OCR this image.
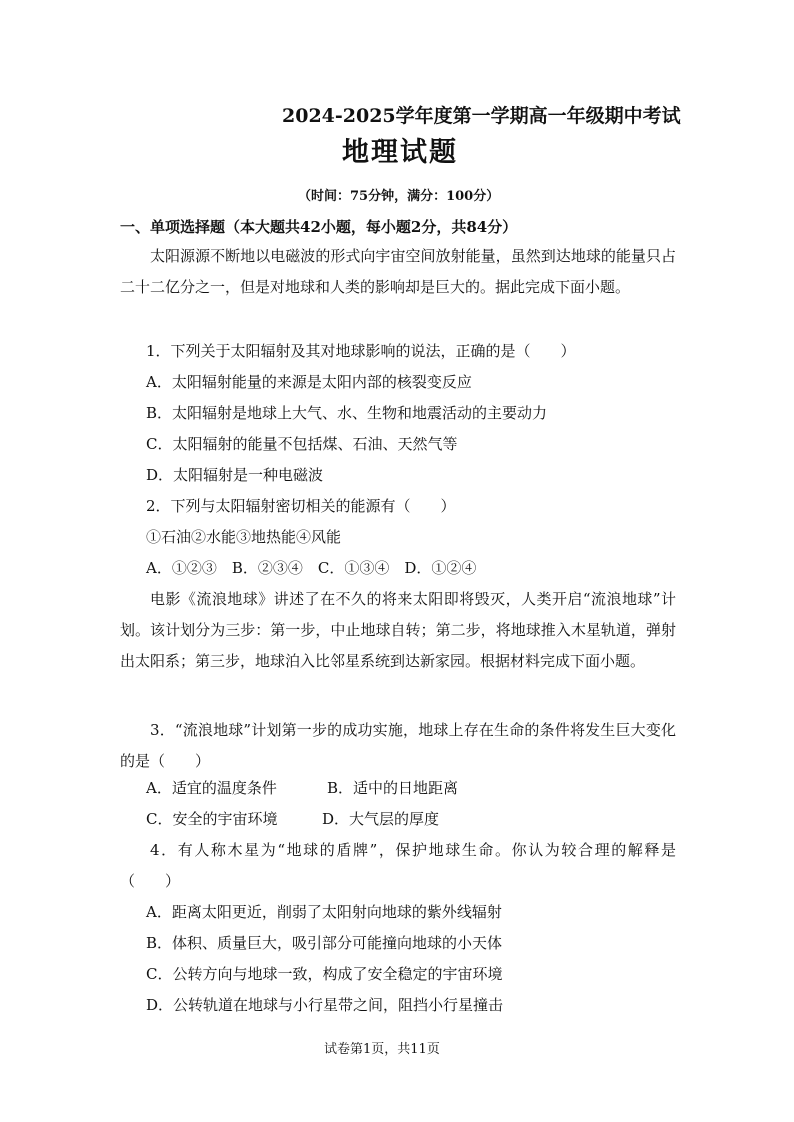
2024-2025学年度第一学期高一年级期中考试
地理试题
（时间：75分钟，满分：100分）
一、单项选择题（本大题共42小题，每小题2分，共84分）
太阳源源不断地以电磁波的形式向宇宙空间放射能量，虽然到达地球的能量只占二十二亿分之一，但是对地球和人类的影响却是巨大的。据此完成下面小题。
1．下列关于太阳辐射及其对地球影响的说法，正确的是（　　）
A．太阳辐射能量的来源是太阳内部的核裂变反应
B．太阳辐射是地球上大气、水、生物和地震活动的主要动力
C．太阳辐射的能量不包括煤、石油、天然气等
D．太阳辐射是一种电磁波
2．下列与太阳辐射密切相关的能源有（　　）
①石油②水能③地热能④风能
A．①②③　B．②③④　C．①③④　D．①②④
电影《流浪地球》讲述了在不久的将来太阳即将毁灭，人类开启“流浪地球”计划。该计划分为三步：第一步，中止地球自转；第二步，将地球推入木星轨道，弹射出太阳系；第三步，地球泊入比邻星系统到达新家园。根据材料完成下面小题。
3．“流浪地球”计划第一步的成功实施，地球上存在生命的条件将发生巨大变化的是（　　）
A．适宜的温度条件	B．适中的日地距离
C．安全的宇宙环境	D．大气层的厚度
4．有人称木星为“地球的盾牌”，保护地球生命。你认为较合理的解释是（　　）
A．距离太阳更近，削弱了太阳射向地球的紫外线辐射
B．体积、质量巨大，吸引部分可能撞向地球的小天体
C．公转方向与地球一致，构成了安全稳定的宇宙环境
D．公转轨道在地球与小行星带之间，阻挡小行星撞击
试卷第1页，共11页
